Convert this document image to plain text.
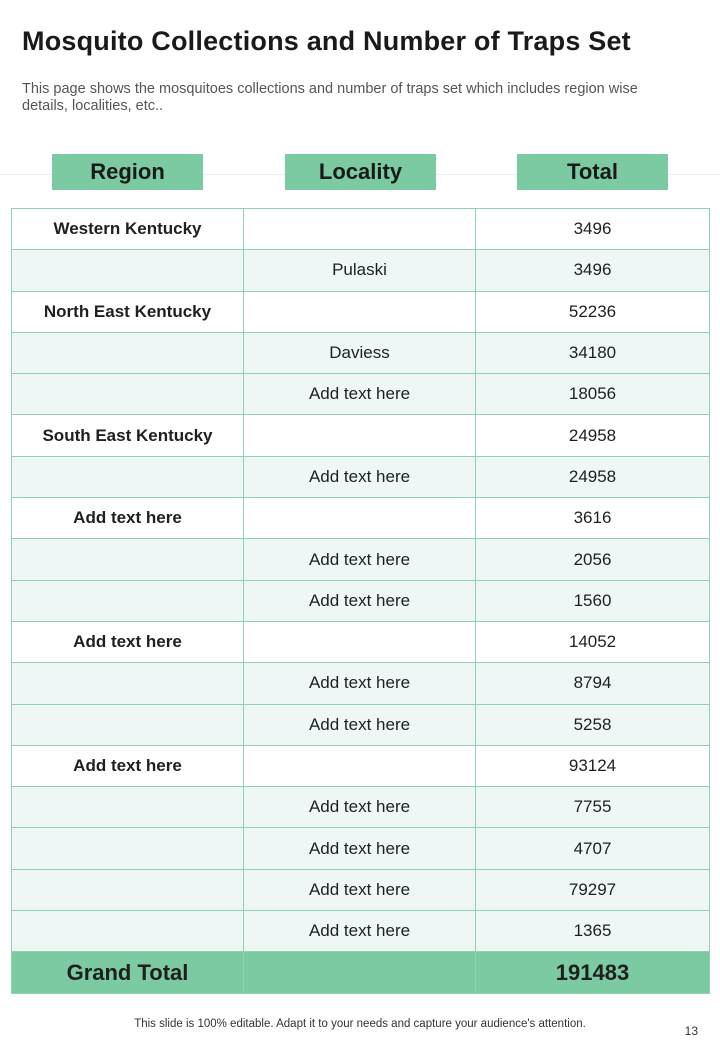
Mosquito Collections and Number of Traps Set
This page shows the mosquitoes collections and number of traps set which includes region wise details, localities, etc..
Region	Locality	Total
Western Kentucky		3496
	Pulaski	3496
North East Kentucky		52236
	Daviess	34180
	Add text here	18056
South East Kentucky		24958
	Add text here	24958
Add text here		3616
	Add text here	2056
	Add text here	1560
Add text here		14052
	Add text here	8794
	Add text here	5258
Add text here		93124
	Add text here	7755
	Add text here	4707
	Add text here	79297
	Add text here	1365
Grand Total		191483
This slide is 100% editable. Adapt it to your needs and capture your audience's attention.	13
